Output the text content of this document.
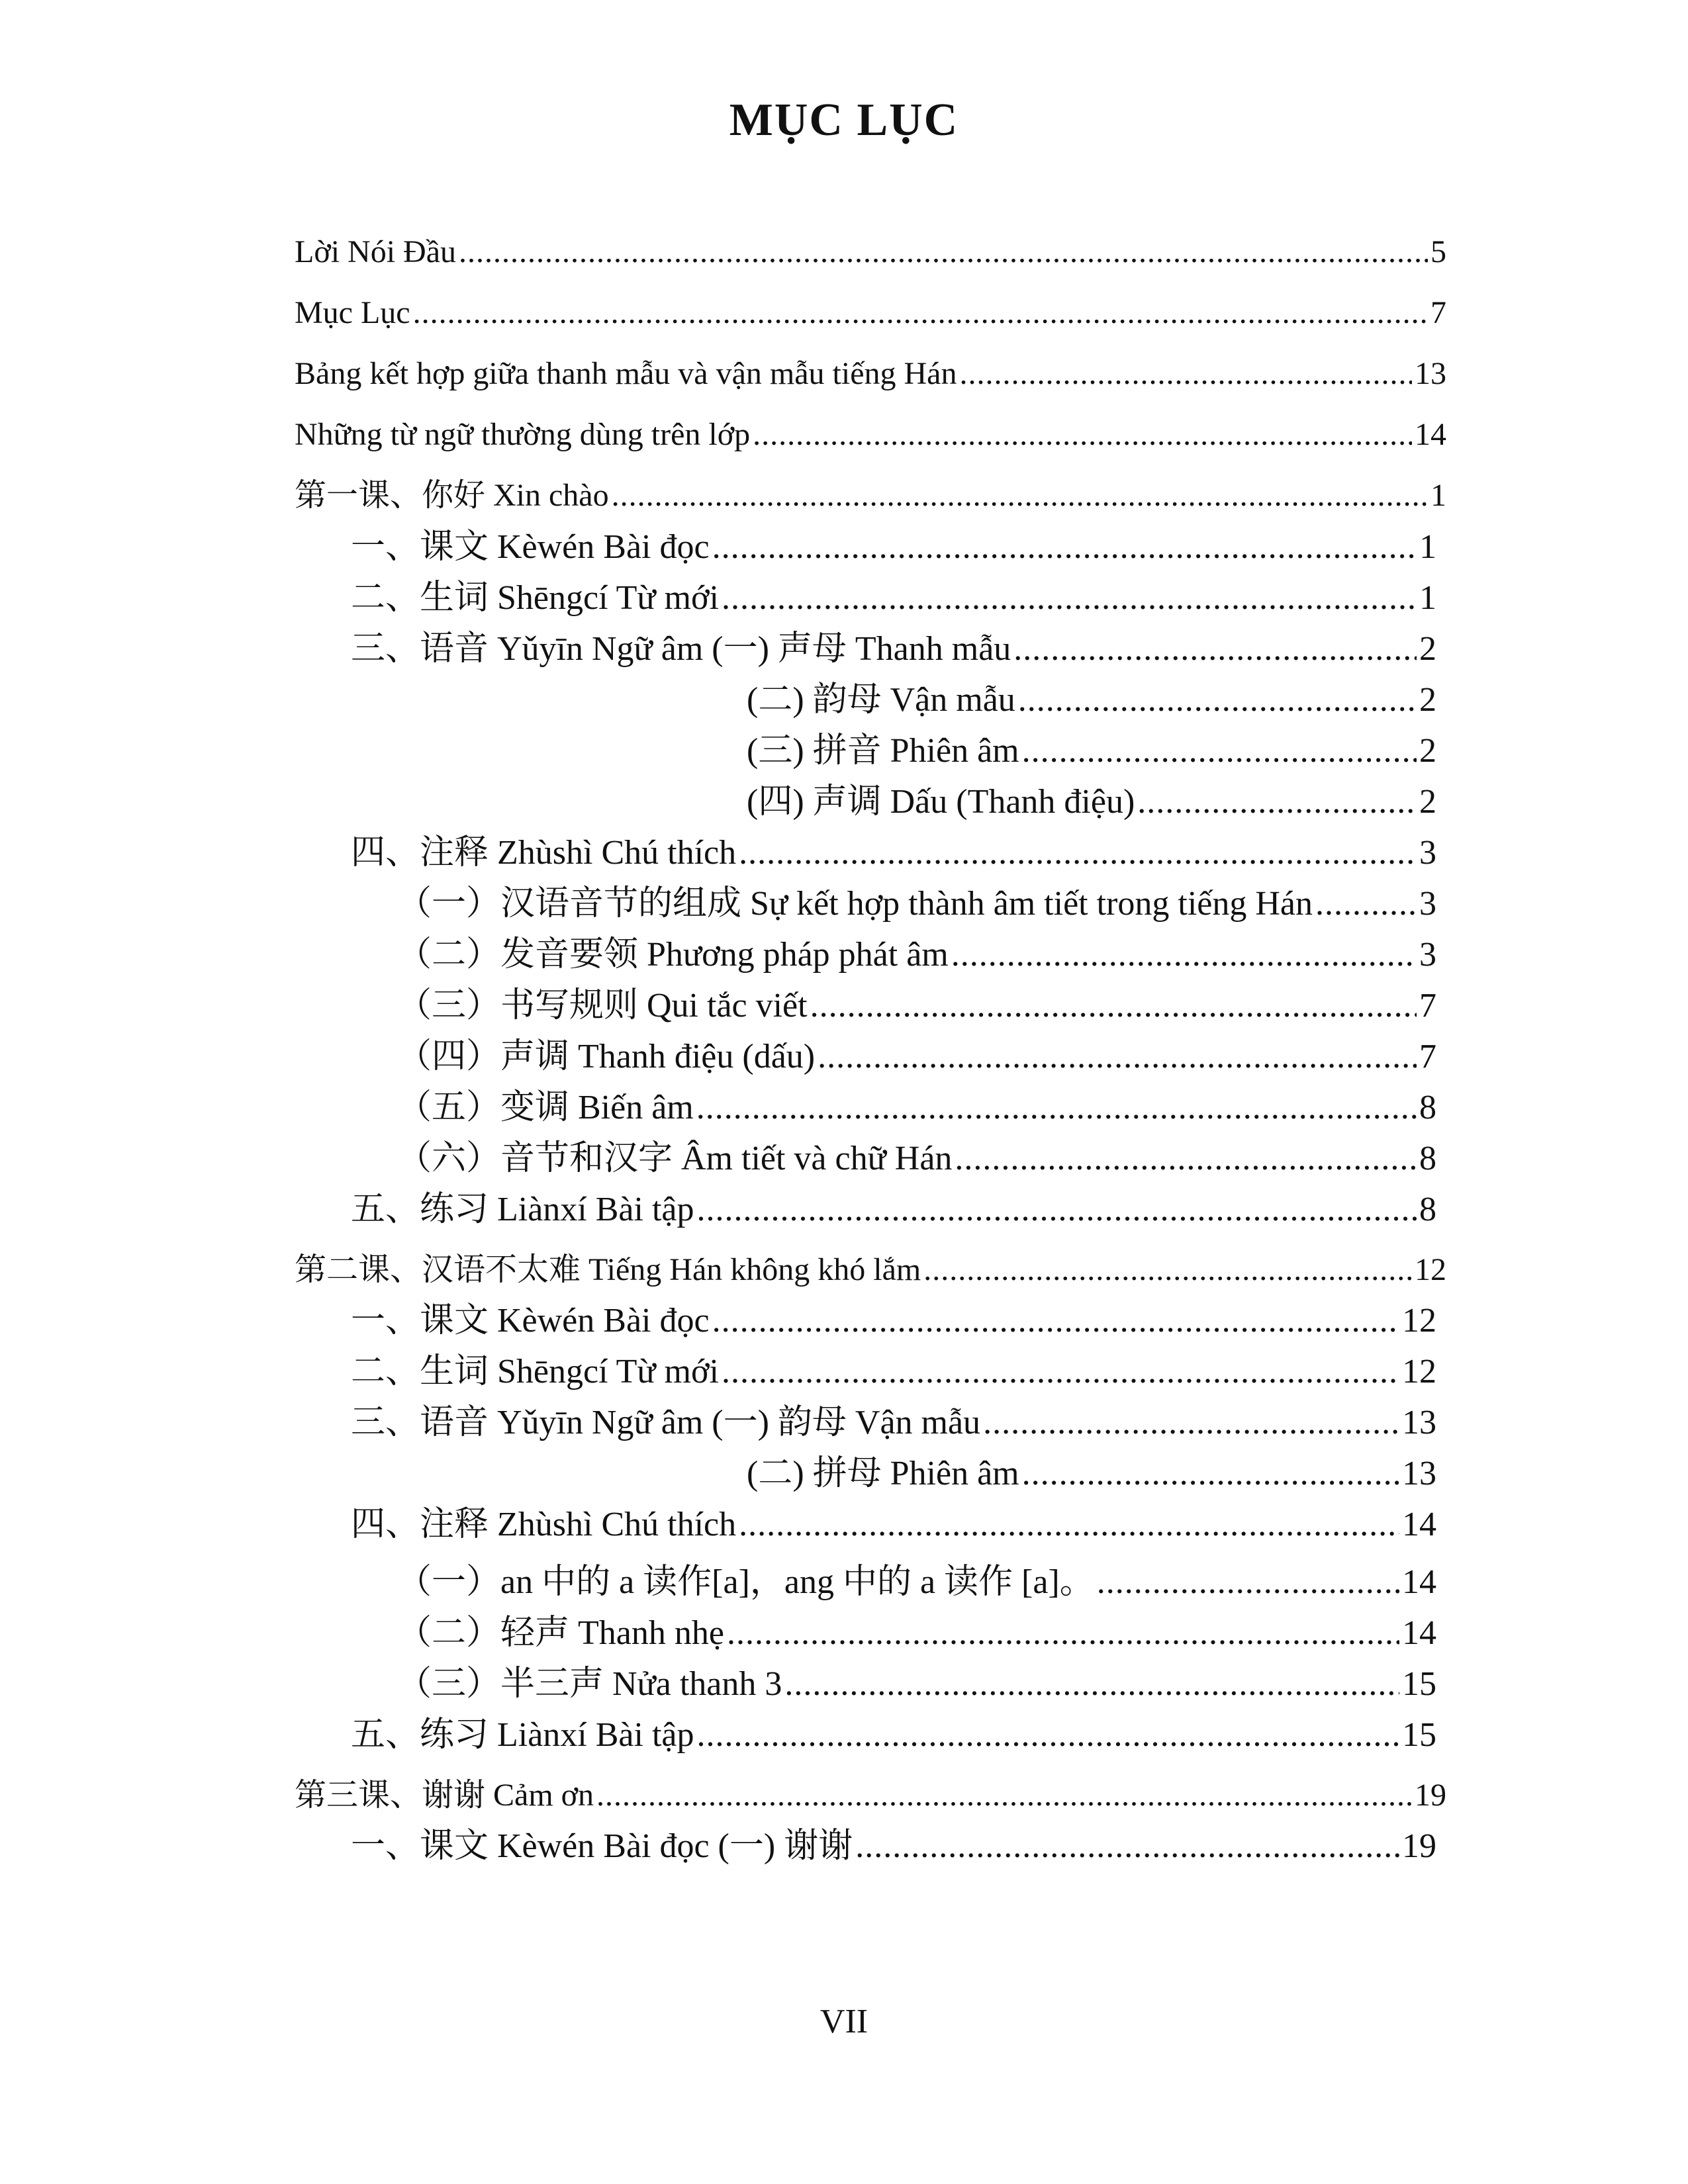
MỤC LỤC
Lời Nói Đầu .....	5
Mục Lục .....	7
Bảng kết hợp giữa thanh mẫu và vận mẫu tiếng Hán .....	13
Những từ ngữ thường dùng trên lớp .....	14
第一课、你好 Xin chào .....	1
一、课文 Kèwén Bài đọc .....	1
二、生词 Shēngcí Từ mới .....	1
三、语音 Yǔyīn Ngữ âm (一) 声母 Thanh mẫu .....	2
(二) 韵母 Vận mẫu .....	2
(三) 拼音 Phiên âm .....	2
(四) 声调 Dấu (Thanh điệu) .....	2
四、注释 Zhùshì Chú thích .....	3
（一）汉语音节的组成 Sự kết hợp thành âm tiết trong tiếng Hán .....	3
（二）发音要领 Phương pháp phát âm .....	3
（三）书写规则 Qui tắc viết .....	7
（四）声调 Thanh điệu (dấu) .....	7
（五）变调 Biến âm .....	8
（六）音节和汉字 Âm tiết và chữ Hán .....	8
五、练习 Liànxí Bài tập .....	8
第二课、汉语不太难 Tiếng Hán không khó lắm .....	12
一、课文 Kèwén Bài đọc .....	12
二、生词 Shēngcí Từ mới .....	12
三、语音 Yǔyīn Ngữ âm (一) 韵母 Vận mẫu .....	13
(二) 拼母 Phiên âm .....	13
四、注释 Zhùshì Chú thích .....	14
（一）an 中的 a 读作[a]，ang 中的 a 读作 [a]。 .....	14
（二）轻声 Thanh nhẹ .....	14
（三）半三声 Nửa thanh 3 .....	15
五、练习 Liànxí Bài tập .....	15
第三课、谢谢 Cảm ơn .....	19
一、课文 Kèwén Bài đọc (一) 谢谢 .....	19
VII
